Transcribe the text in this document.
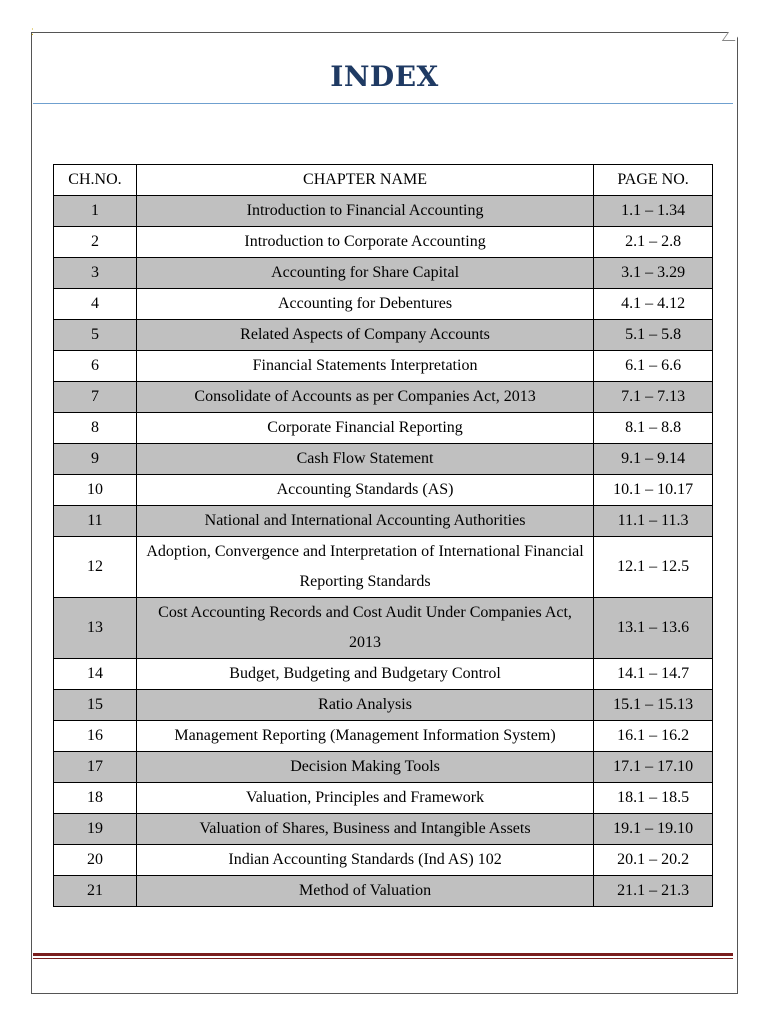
⁚
INDEX
CH.NO.	CHAPTER NAME	PAGE NO.
1	Introduction to Financial Accounting	1.1 – 1.34
2	Introduction to Corporate Accounting	2.1 – 2.8
3	Accounting for Share Capital	3.1 – 3.29
4	Accounting for Debentures	4.1 – 4.12
5	Related Aspects of Company Accounts	5.1 – 5.8
6	Financial Statements Interpretation	6.1 – 6.6
7	Consolidate of Accounts as per Companies Act, 2013	7.1 – 7.13
8	Corporate Financial Reporting	8.1 – 8.8
9	Cash Flow Statement	9.1 – 9.14
10	Accounting Standards (AS)	10.1 – 10.17
11	National and International Accounting Authorities	11.1 – 11.3
12	Adoption, Convergence and Interpretation of International Financial Reporting Standards	12.1 – 12.5
13	Cost Accounting Records and Cost Audit Under Companies Act, 2013	13.1 – 13.6
14	Budget, Budgeting and Budgetary Control	14.1 – 14.7
15	Ratio Analysis	15.1 – 15.13
16	Management Reporting (Management Information System)	16.1 – 16.2
17	Decision Making Tools	17.1 – 17.10
18	Valuation, Principles and Framework	18.1 – 18.5
19	Valuation of Shares, Business and Intangible Assets	19.1 – 19.10
20	Indian Accounting Standards (Ind AS) 102	20.1 – 20.2
21	Method of Valuation	21.1 – 21.3
